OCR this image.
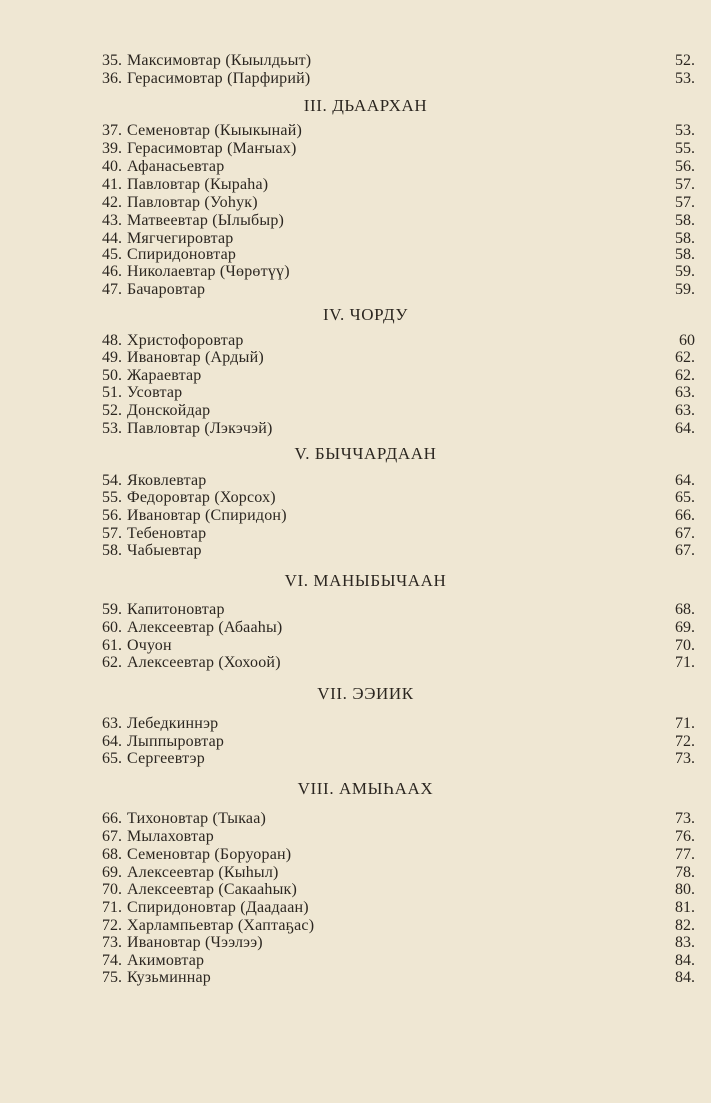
35. Максимовтар (Кыылдьыт)	52.
36. Герасимовтар (Парфирий)	53.
III. ДЬААРХАН
37. Семеновтар (Кыыкынай)	53.
39. Герасимовтар (Маҥыах)	55.
40. Афанасьевтар	56.
41. Павловтар (Кыраһа)	57.
42. Павловтар (Уоһук)	57.
43. Матвеевтар (Ылыбыр)	58.
44. Мягчегировтар	58.
45. Спиридоновтар	58.
46. Николаевтар (Чөрөтүү)	59.
47. Бачаровтар	59.
IV. ЧОРДУ
48. Христофоровтар	60
49. Ивановтар (Ардый)	62.
50. Жараевтар	62.
51. Усовтар	63.
52. Донскойдар	63.
53. Павловтар (Лэкэчэй)	64.
V. БЫЧЧАРДААН
54. Яковлевтар	64.
55. Федоровтар (Хорсох)	65.
56. Ивановтар (Спиридон)	66.
57. Тебеновтар	67.
58. Чабыевтар	67.
VI. МАНЫБЫЧААН
59. Капитоновтар	68.
60. Алексеевтар (Абааһы)	69.
61. Очуон	70.
62. Алексеевтар (Хохоой)	71.
VII. ЭЭИИК
63. Лебедкиннэр	71.
64. Лыппыровтар	72.
65. Сергеевтэр	73.
VIII. АМЫҺААХ
66. Тихоновтар (Тыкаа)	73.
67. Мылаховтар	76.
68. Семеновтар (Боруоран)	77.
69. Алексеевтар (Кыһыл)	78.
70. Алексеевтар (Сакааһык)	80.
71. Спиридоновтар (Даадаан)	81.
72. Харлампьевтар (Хаптаҕас)	82.
73. Ивановтар (Чээлээ)	83.
74. Акимовтар	84.
75. Кузьминнар	84.
